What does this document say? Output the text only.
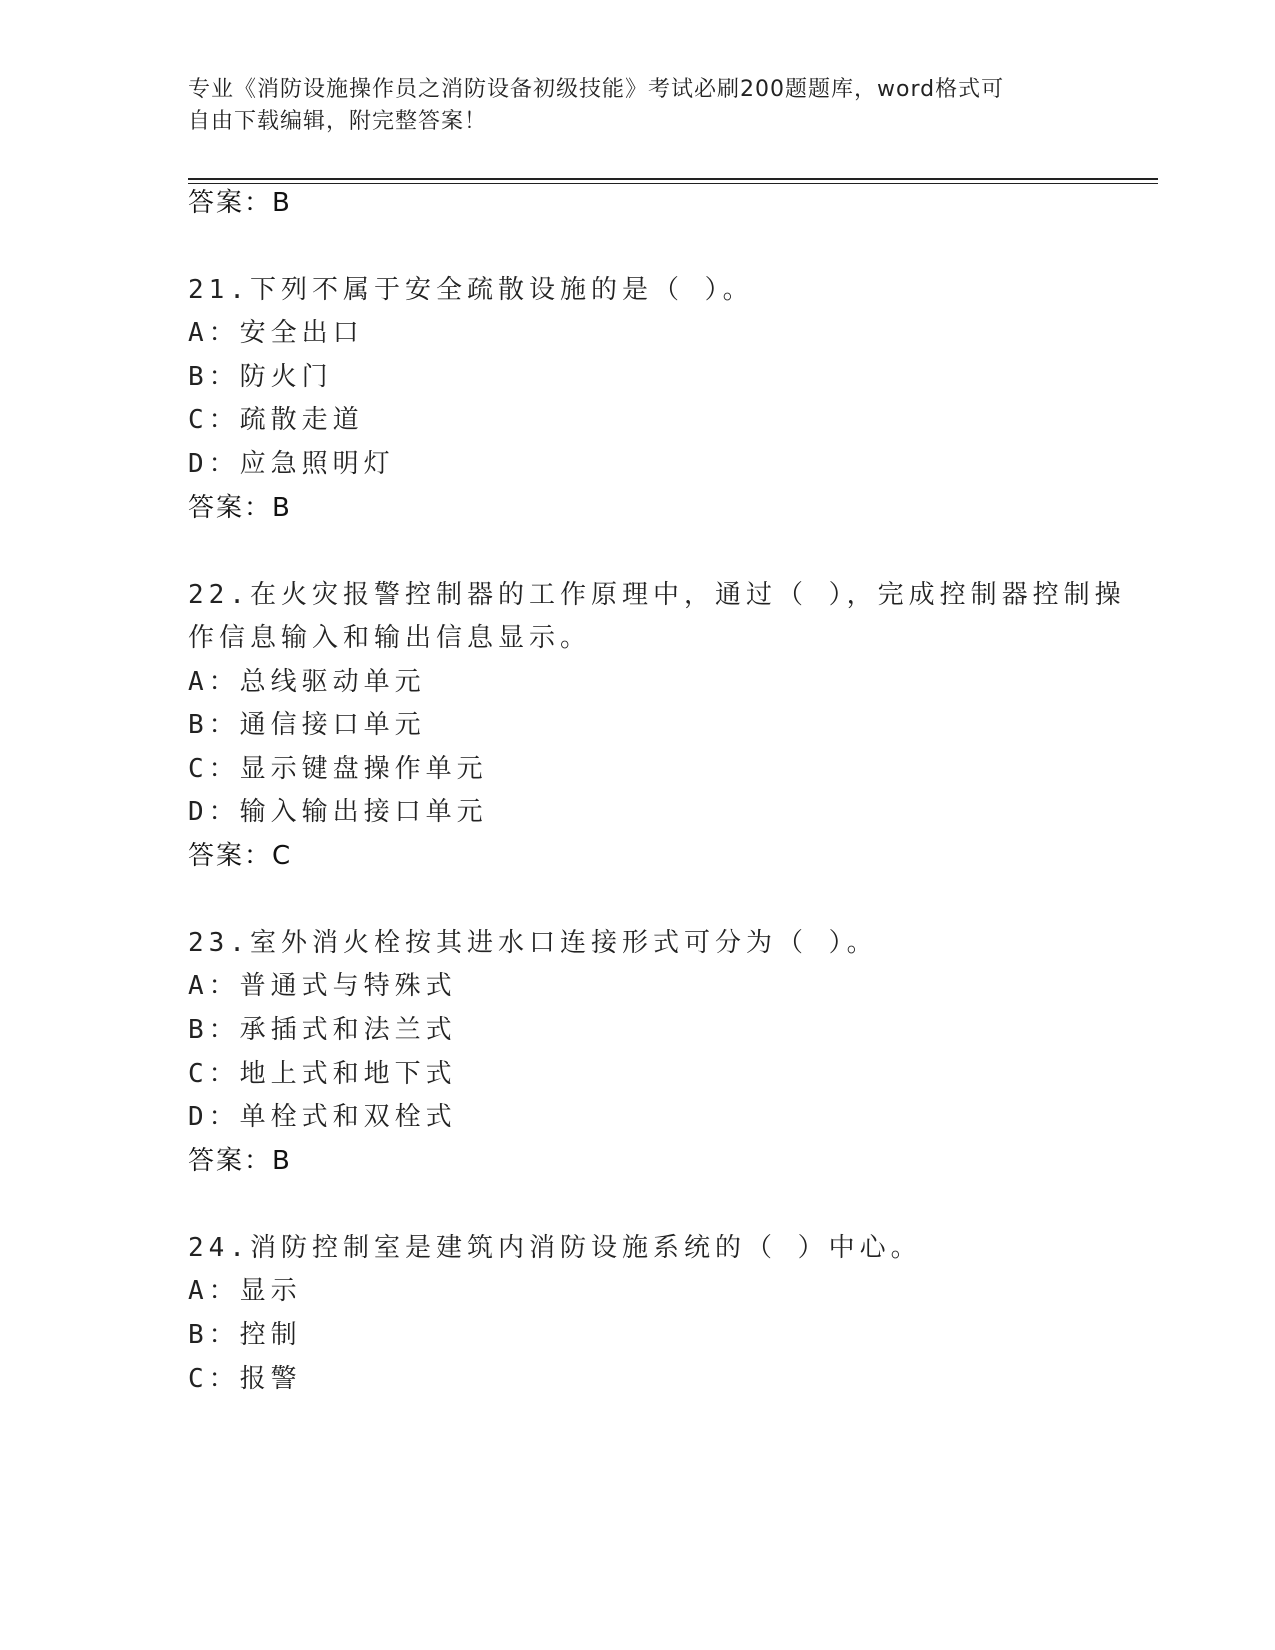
专业《消防设施操作员之消防设备初级技能》考试必刷200题题库，word格式可
自由下载编辑，附完整答案！
答案：B
21.下列不属于安全疏散设施的是（ ）。
A：安全出口
B：防火门
C：疏散走道
D：应急照明灯
答案：B
22.在火灾报警控制器的工作原理中，通过（ ），完成控制器控制操
作信息输入和输出信息显示。
A：总线驱动单元
B：通信接口单元
C：显示键盘操作单元
D：输入输出接口单元
答案：C
23.室外消火栓按其进水口连接形式可分为（ ）。
A：普通式与特殊式
B：承插式和法兰式
C：地上式和地下式
D：单栓式和双栓式
答案：B
24.消防控制室是建筑内消防设施系统的（ ）中心。
A：显示
B：控制
C：报警
